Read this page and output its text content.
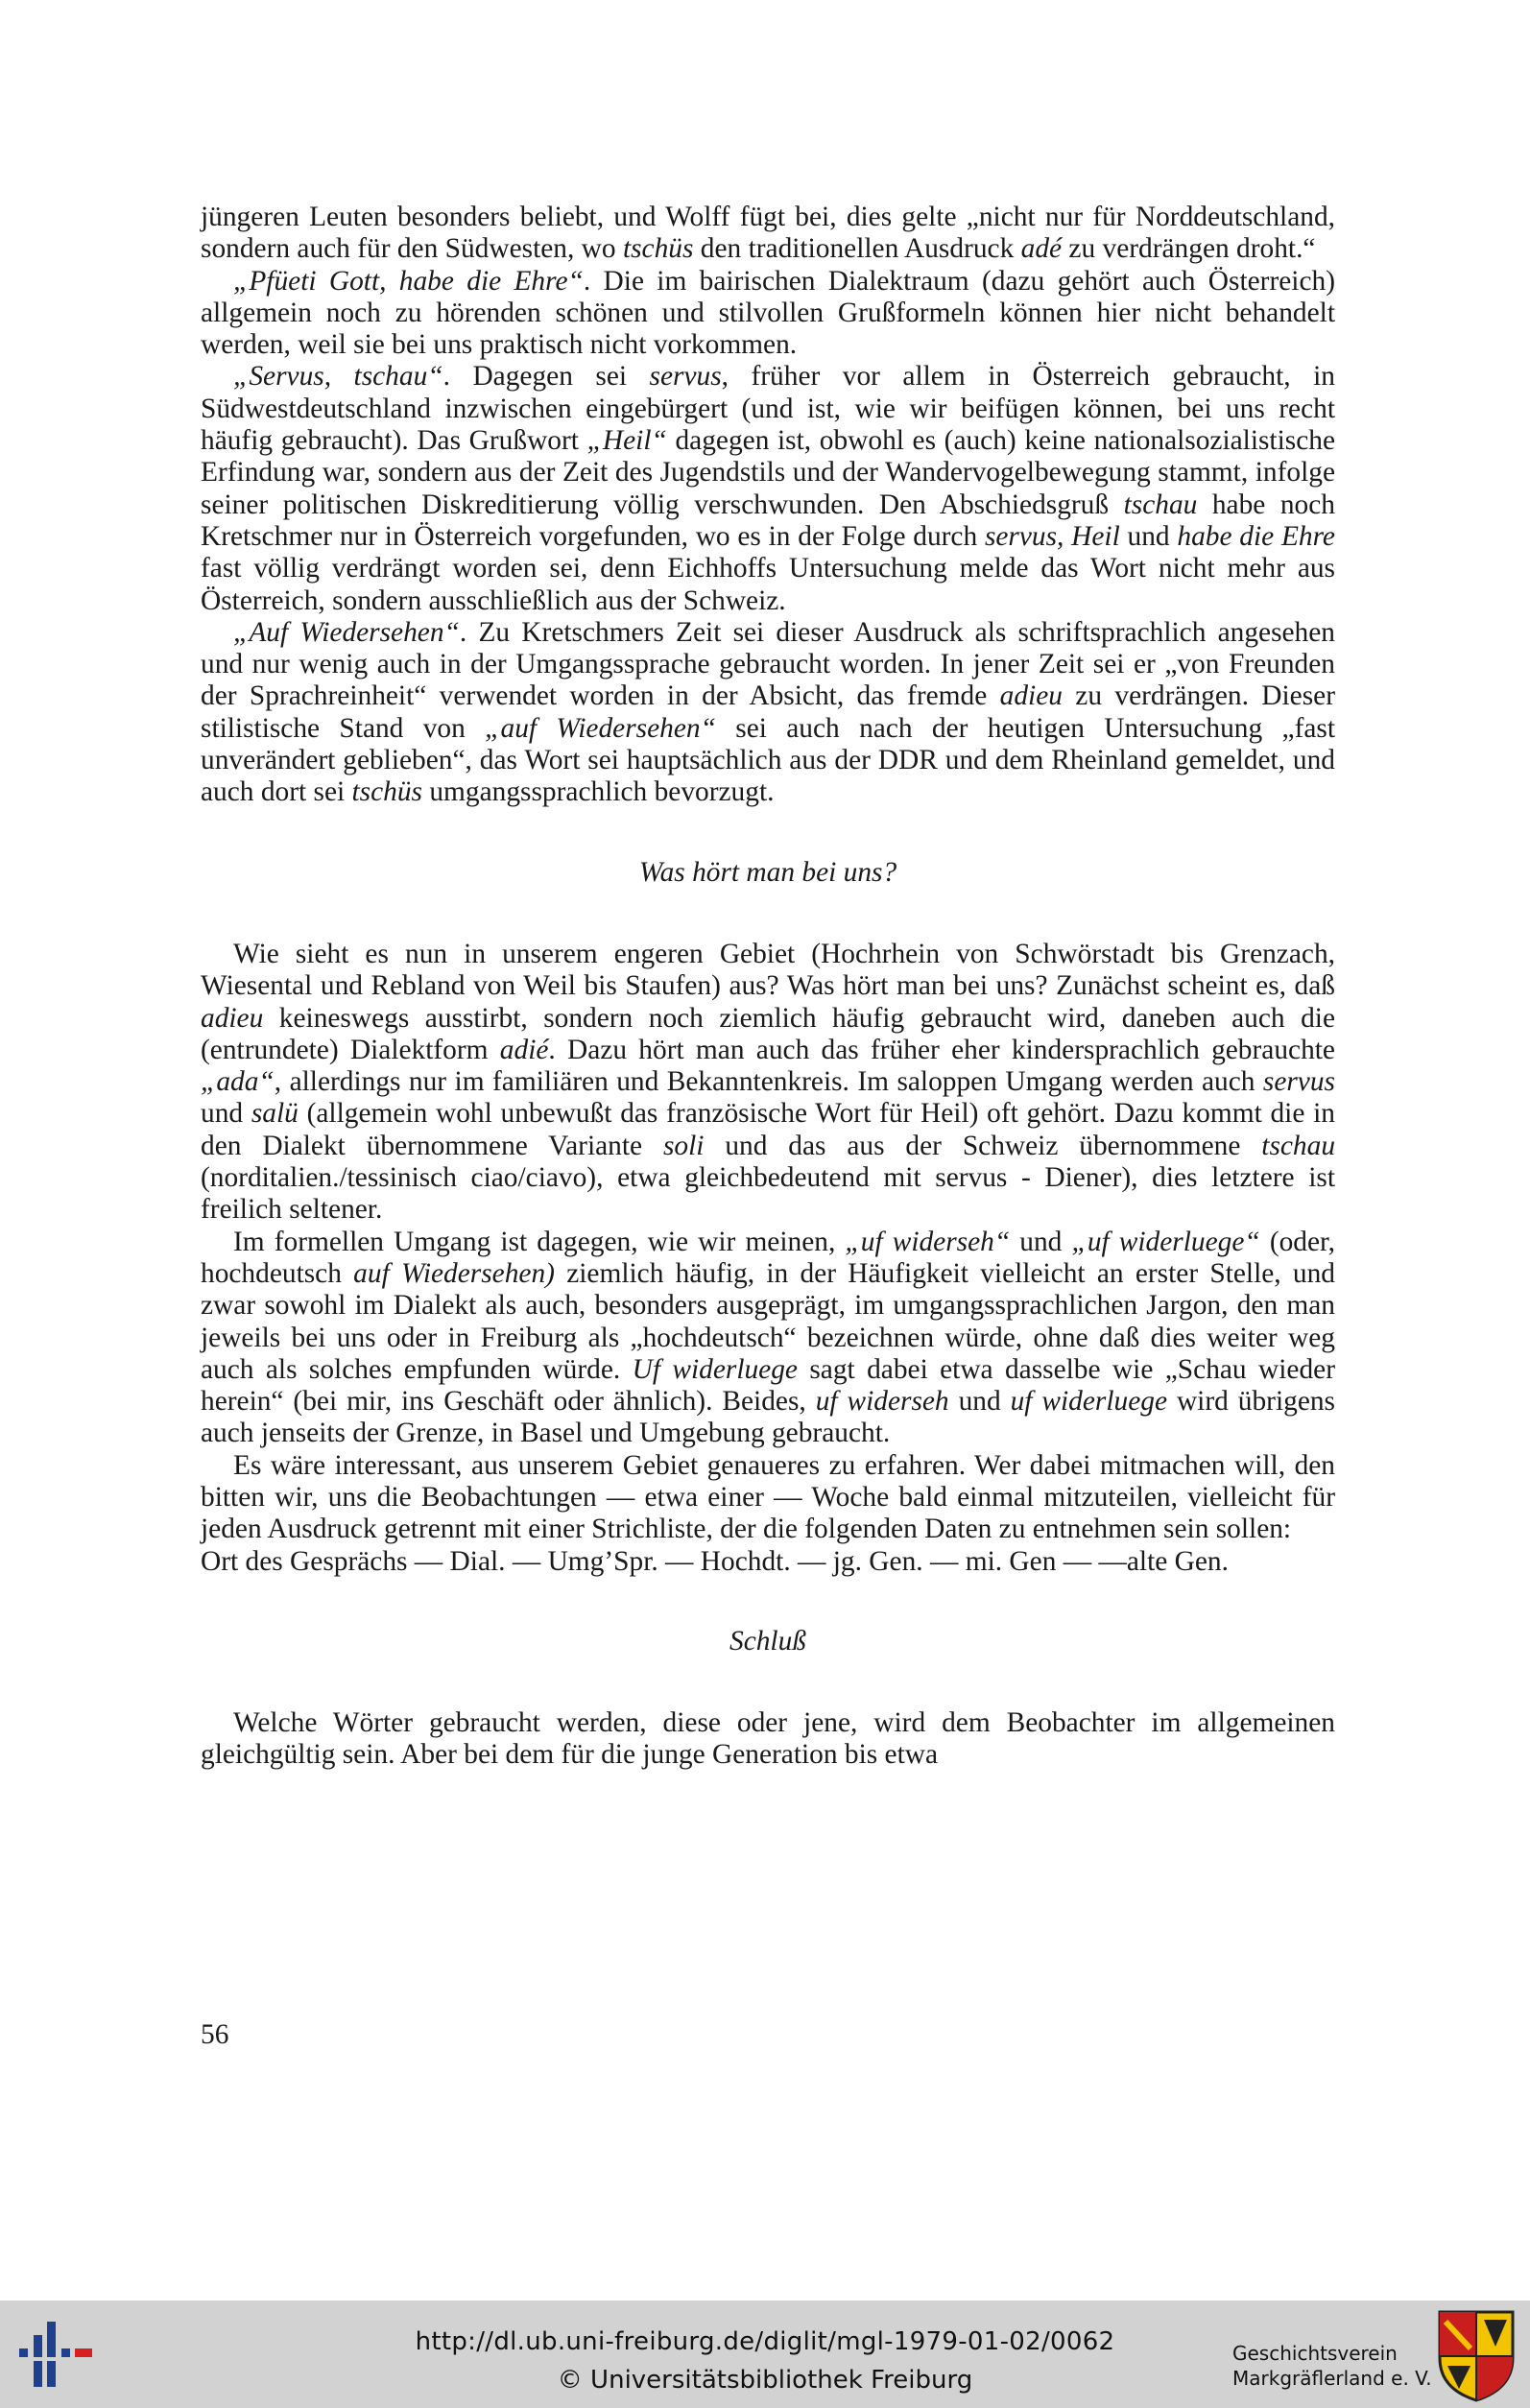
jüngeren Leuten besonders beliebt, und Wolff fügt bei, dies gelte „nicht nur für Norddeutschland, sondern auch für den Südwesten, wo tschüs den traditionellen Ausdruck adé zu verdrängen droht.“

„Pfüeti Gott, habe die Ehre“. Die im bairischen Dialektraum (dazu gehört auch Österreich) allgemein noch zu hörenden schönen und stilvollen Grußformeln können hier nicht behandelt werden, weil sie bei uns praktisch nicht vorkommen.

„Servus, tschau“. Dagegen sei servus, früher vor allem in Österreich gebraucht, in Südwestdeutschland inzwischen eingebürgert (und ist, wie wir beifügen können, bei uns recht häufig gebraucht). Das Grußwort „Heil“ dagegen ist, obwohl es (auch) keine nationalsozialistische Erfindung war, sondern aus der Zeit des Jugendstils und der Wandervogelbewegung stammt, infolge seiner politischen Diskreditierung völlig verschwunden. Den Abschiedsgruß tschau habe noch Kretschmer nur in Österreich vorgefunden, wo es in der Folge durch servus, Heil und habe die Ehre fast völlig verdrängt worden sei, denn Eichhoffs Untersuchung melde das Wort nicht mehr aus Österreich, sondern ausschließlich aus der Schweiz.

„Auf Wiedersehen“. Zu Kretschmers Zeit sei dieser Ausdruck als schriftsprachlich angesehen und nur wenig auch in der Umgangssprache gebraucht worden. In jener Zeit sei er „von Freunden der Sprachreinheit“ verwendet worden in der Absicht, das fremde adieu zu verdrängen. Dieser stilistische Stand von „auf Wiedersehen“ sei auch nach der heutigen Untersuchung „fast unverändert geblieben“, das Wort sei hauptsächlich aus der DDR und dem Rheinland gemeldet, und auch dort sei tschüs umgangssprachlich bevorzugt.

Was hört man bei uns?

Wie sieht es nun in unserem engeren Gebiet (Hochrhein von Schwörstadt bis Grenzach, Wiesental und Rebland von Weil bis Staufen) aus? Was hört man bei uns? Zunächst scheint es, daß adieu keineswegs ausstirbt, sondern noch ziemlich häufig gebraucht wird, daneben auch die (entrundete) Dialektform adié. Dazu hört man auch das früher eher kindersprachlich gebrauchte „ada“, allerdings nur im familiären und Bekanntenkreis. Im saloppen Umgang werden auch servus und salü (allgemein wohl unbewußt das französische Wort für Heil) oft gehört. Dazu kommt die in den Dialekt übernommene Variante soli und das aus der Schweiz übernommene tschau (norditalien./tessinisch ciao/ciavo), etwa gleichbedeutend mit servus - Diener), dies letztere ist freilich seltener.

Im formellen Umgang ist dagegen, wie wir meinen, „uf widerseh“ und „uf widerluege“ (oder, hochdeutsch auf Wiedersehen) ziemlich häufig, in der Häufigkeit vielleicht an erster Stelle, und zwar sowohl im Dialekt als auch, besonders ausgeprägt, im umgangssprachlichen Jargon, den man jeweils bei uns oder in Freiburg als „hochdeutsch“ bezeichnen würde, ohne daß dies weiter weg auch als solches empfunden würde. Uf widerluege sagt dabei etwa dasselbe wie „Schau wieder herein“ (bei mir, ins Geschäft oder ähnlich). Beides, uf widerseh und uf widerluege wird übrigens auch jenseits der Grenze, in Basel und Umgebung gebraucht.

Es wäre interessant, aus unserem Gebiet genaueres zu erfahren. Wer dabei mitmachen will, den bitten wir, uns die Beobachtungen — etwa einer — Woche bald einmal mitzuteilen, vielleicht für jeden Ausdruck getrennt mit einer Strichliste, der die folgenden Daten zu entnehmen sein sollen:

Ort des Gesprächs — Dial. — Umg’Spr. — Hochdt. — jg. Gen. — mi. Gen — —alte Gen.

Schluß

Welche Wörter gebraucht werden, diese oder jene, wird dem Beobachter im allgemeinen gleichgültig sein. Aber bei dem für die junge Generation bis etwa

56
http://dl.ub.uni-freiburg.de/diglit/mgl-1979-01-02/0062
© Universitätsbibliothek Freiburg
Geschichtsverein
Markgräflerland e. V.
